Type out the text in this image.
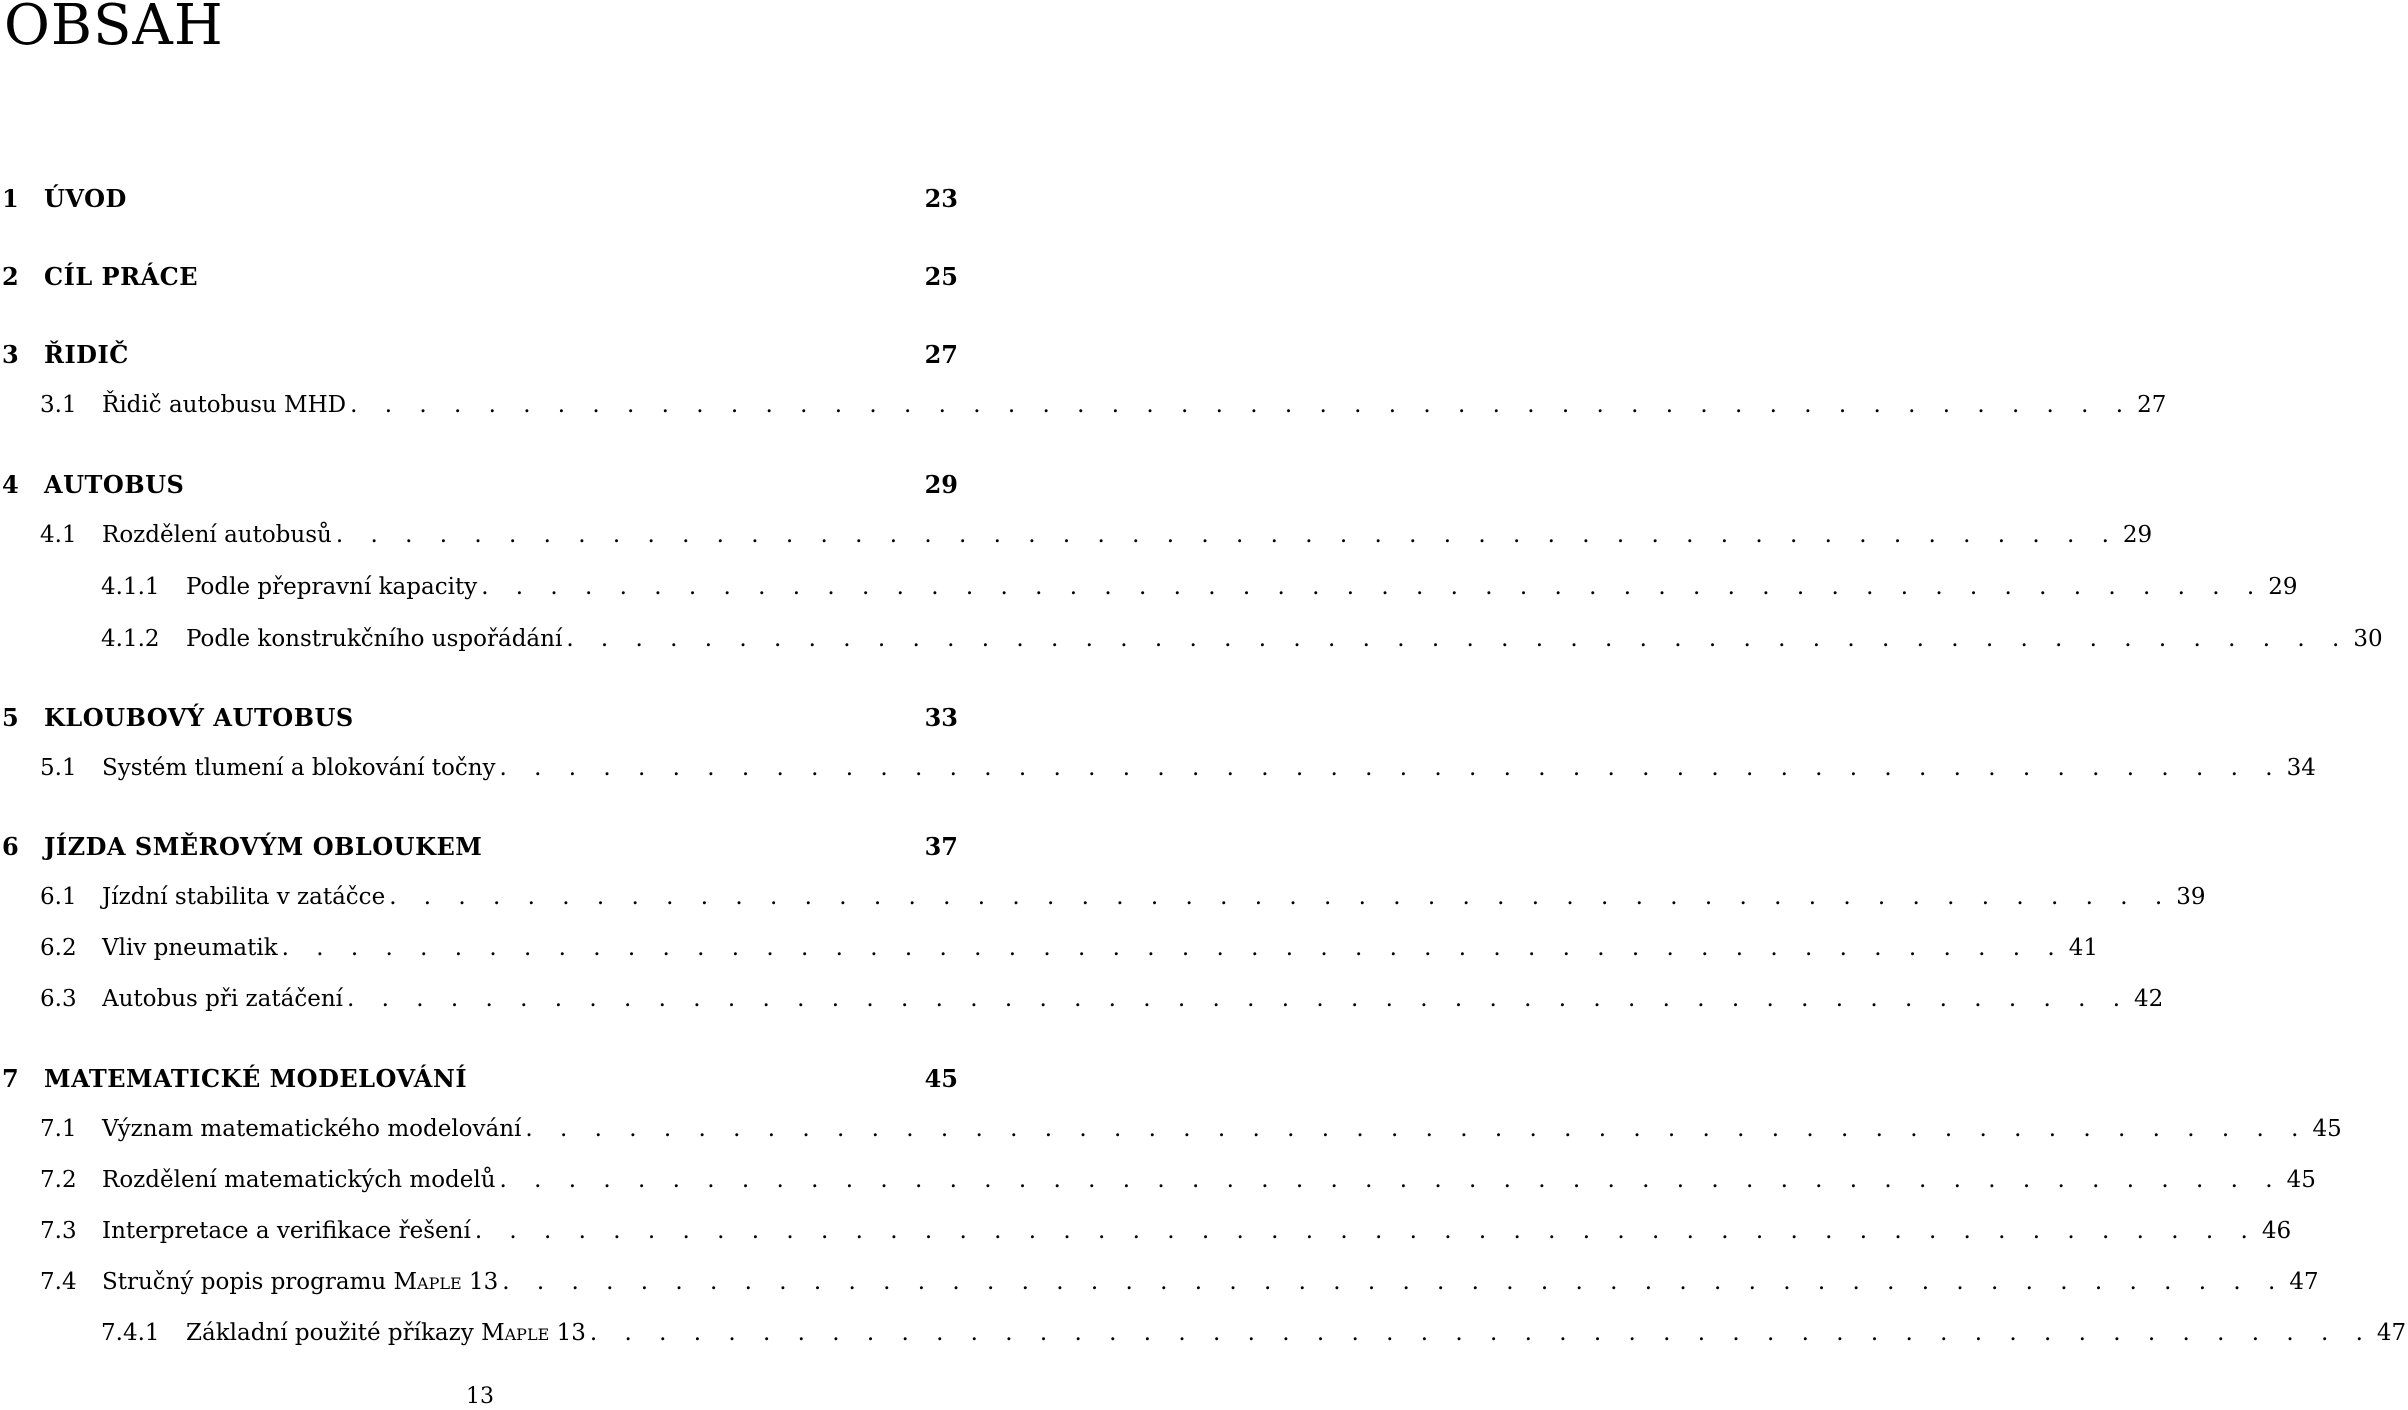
OBSAH
1	ÚVOD	23
2	CÍL PRÁCE	25
3	ŘIDIČ	27
3.1	Řidič autobusu MHD . . . . . . . . . . . . . . . . . . . . . . . . . . . . . . . . . . . . . . . . . . . . . . . . . . . . 27
4	AUTOBUS	29
4.1	Rozdělení autobusů . . . . . . . . . . . . . . . . . . . . . . . . . . . . . . . . . . . . . . . . . . . . . . . . . . . . 29
4.1.1	Podle přepravní kapacity . . . . . . . . . . . . . . . . . . . . . . . . . . . . . . . . . . . . . . . . . . . . . . . . . . . . 29
4.1.2	Podle konstrukčního uspořádání . . . . . . . . . . . . . . . . . . . . . . . . . . . . . . . . . . . . . . . . . . . . . . . . . . . . 30
5	KLOUBOVÝ AUTOBUS	33
5.1	Systém tlumení a blokování točny . . . . . . . . . . . . . . . . . . . . . . . . . . . . . . . . . . . . . . . . . . . . . . . . . . . . 34
6	JÍZDA SMĚROVÝM OBLOUKEM	37
6.1	Jízdní stabilita v zatáčce . . . . . . . . . . . . . . . . . . . . . . . . . . . . . . . . . . . . . . . . . . . . . . . . . . . . 39
6.2	Vliv pneumatik . . . . . . . . . . . . . . . . . . . . . . . . . . . . . . . . . . . . . . . . . . . . . . . . . . . . 41
6.3	Autobus při zatáčení . . . . . . . . . . . . . . . . . . . . . . . . . . . . . . . . . . . . . . . . . . . . . . . . . . . . 42
7	MATEMATICKÉ MODELOVÁNÍ	45
7.1	Význam matematického modelování . . . . . . . . . . . . . . . . . . . . . . . . . . . . . . . . . . . . . . . . . . . . . . . . . . . . 45
7.2	Rozdělení matematických modelů . . . . . . . . . . . . . . . . . . . . . . . . . . . . . . . . . . . . . . . . . . . . . . . . . . . . 45
7.3	Interpretace a verifikace řešení . . . . . . . . . . . . . . . . . . . . . . . . . . . . . . . . . . . . . . . . . . . . . . . . . . . . 46
7.4	Stručný popis programu Maple 13 . . . . . . . . . . . . . . . . . . . . . . . . . . . . . . . . . . . . . . . . . . . . . . . . . . . . 47
7.4.1	Základní použité příkazy Maple 13 . . . . . . . . . . . . . . . . . . . . . . . . . . . . . . . . . . . . . . . . . . . . . . . . . . . . 47
13
